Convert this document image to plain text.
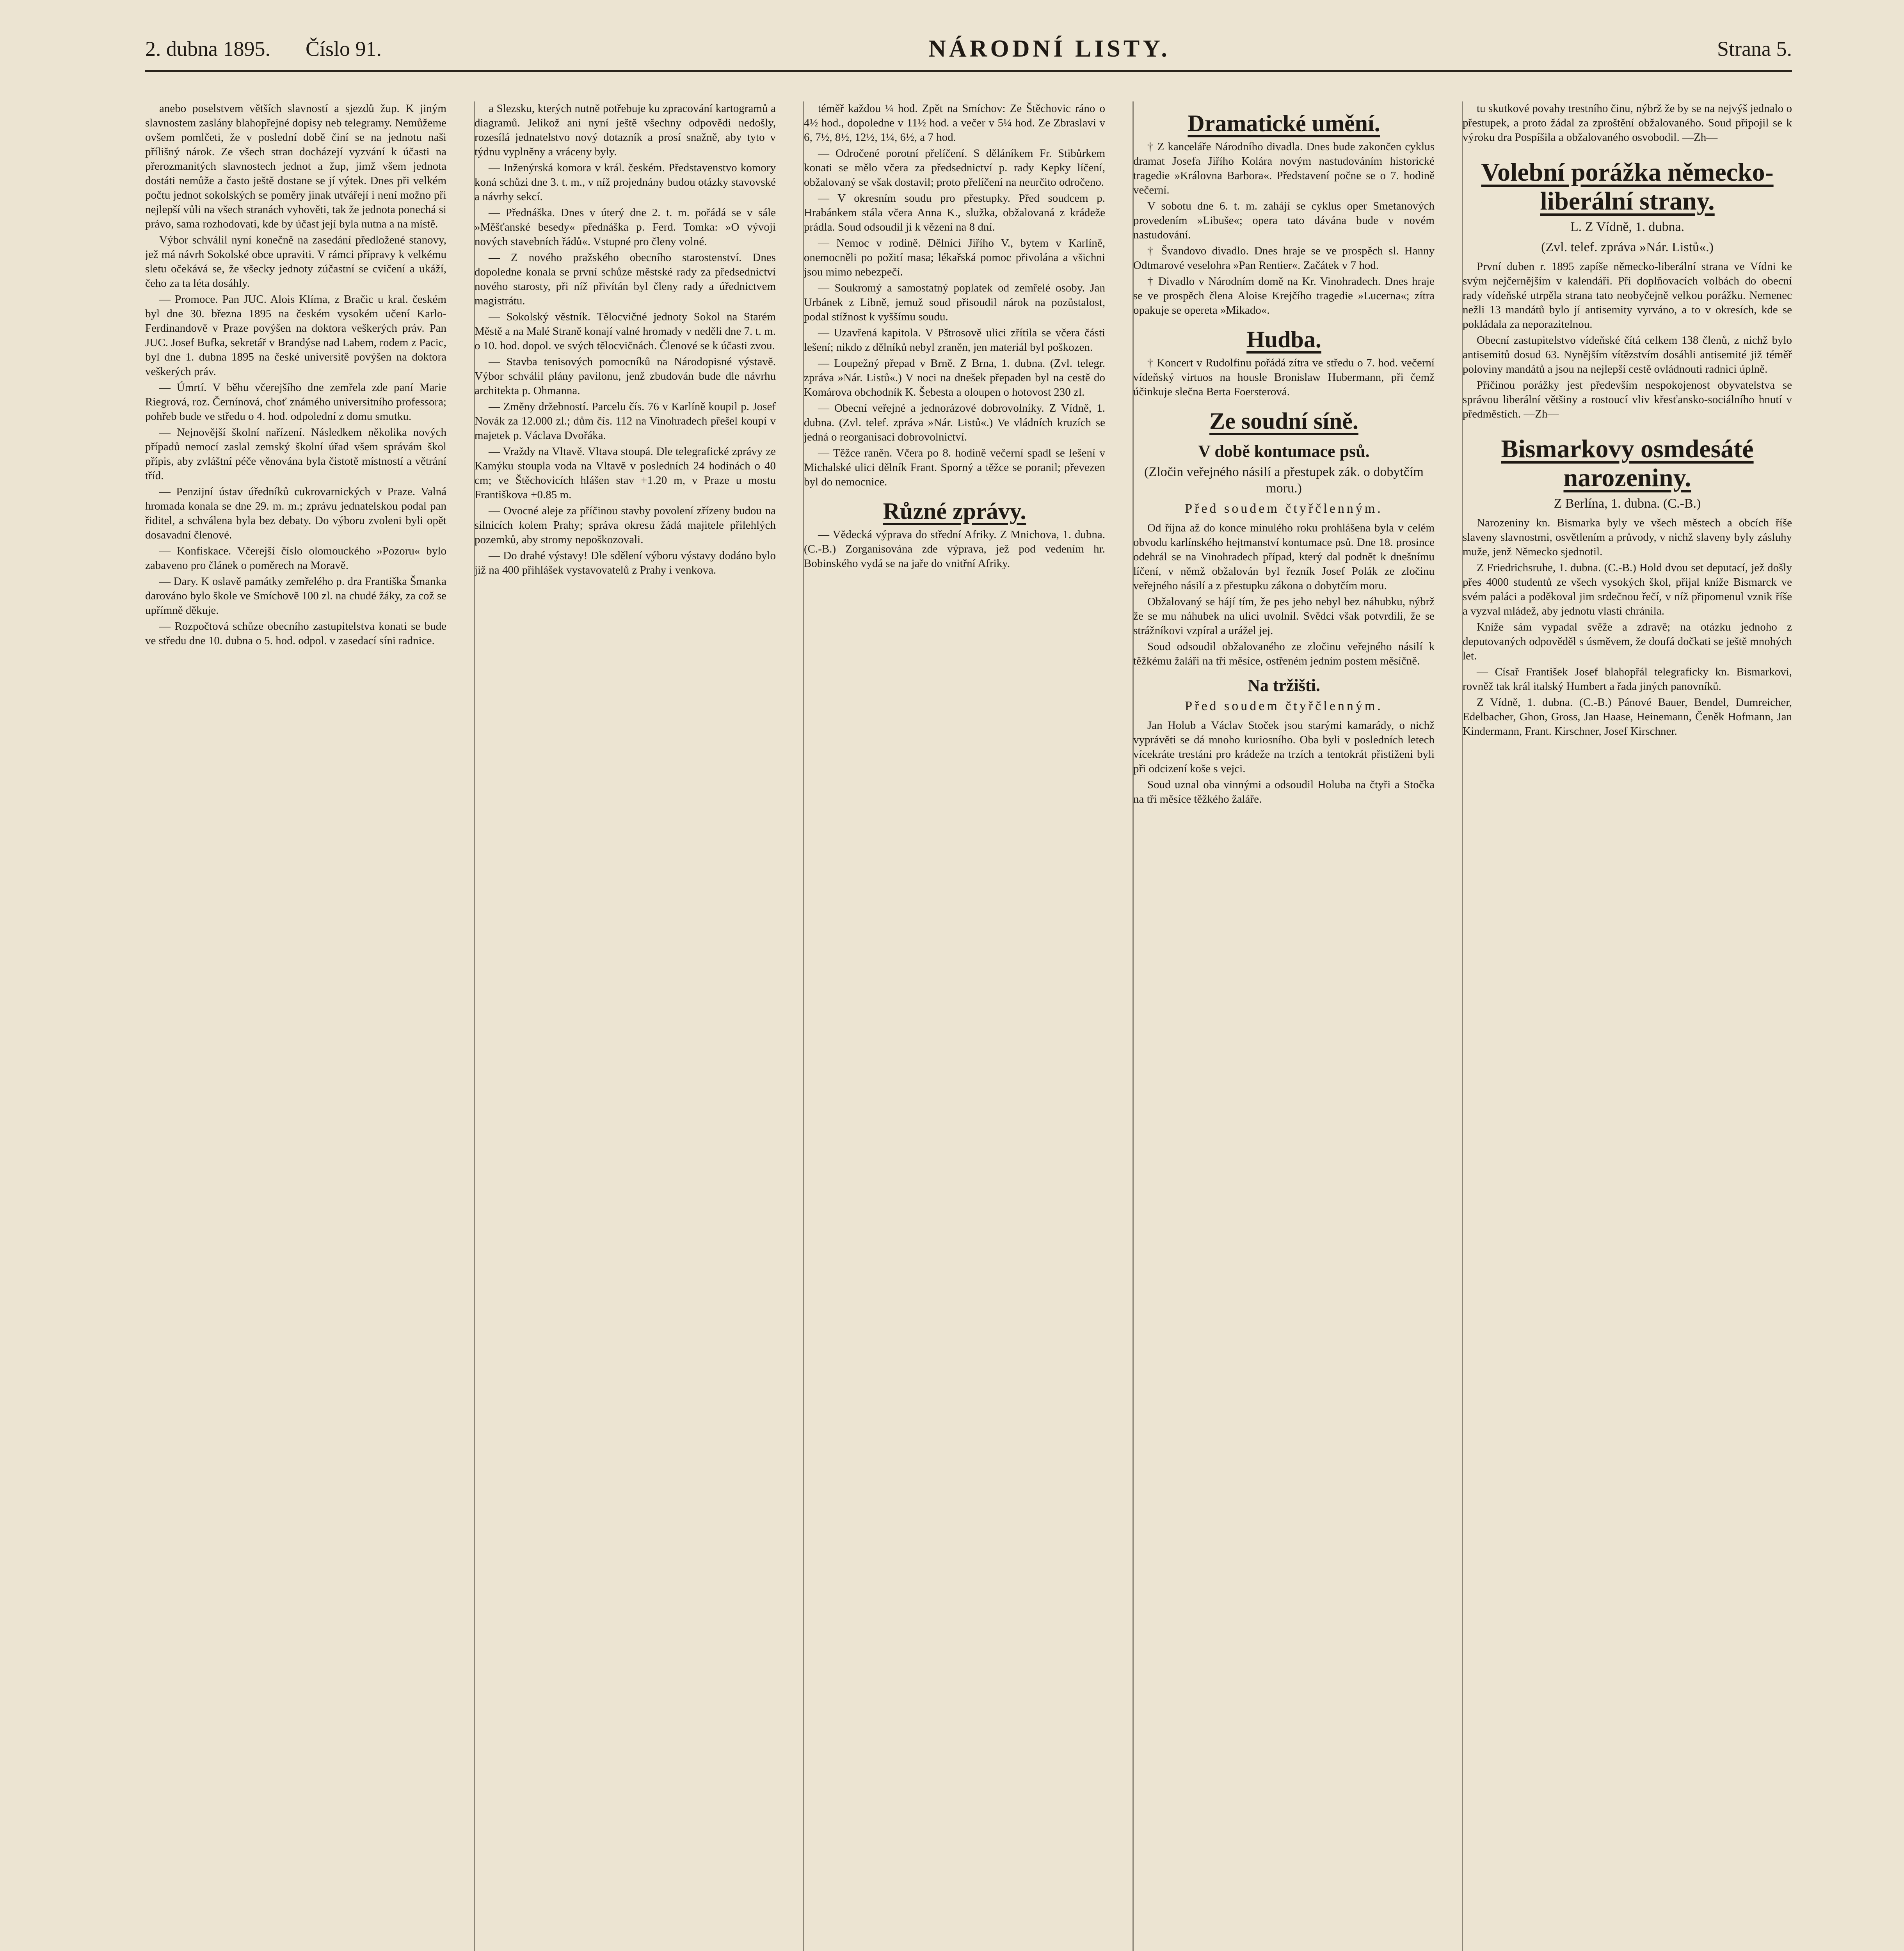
2. dubna 1895. Číslo 91.	NÁRODNÍ LISTY.	Strana 5.

anebo poselstvem větších slavností a sjezdů žup. K jiným slavnostem zaslány blahopřejné dopisy neb telegramy. Nemůžeme ovšem pomlčeti, že v poslední době činí se na jednotu naši přílišný nárok. Ze všech stran docházejí vyzvání k účasti na přerozmanitých slavnostech jednot a žup, jimž všem jednota dostáti nemůže a často ještě dostane se jí výtek. Dnes při velkém počtu jednot sokolských se poměry jinak utvářejí i není možno při nejlepší vůli na všech stranách vyhověti, tak že jednota ponechá si právo, sama rozhodovati, kde by účast její byla nutna a na místě.

Výbor schválil nyní konečně na zasedání předložené stanovy, jež má návrh Sokolské obce upraviti. V rámci přípravy k velkému sletu očekává se, že všecky jednoty zúčastní se cvičení a ukáží, čeho za ta léta dosáhly.

— Promoce. Pan JUC. Alois Klíma, z Bračic u kral. českém byl dne 30. března 1895 na českém vysokém učení Karlo-Ferdinandově v Praze povýšen na doktora veškerých práv. Pan JUC. Josef Bufka, sekretář v Brandýse nad Labem, rodem z Pacic, byl dne 1. dubna 1895 na české universitě povýšen na doktora veškerých práv.

— Úmrtí. V běhu včerejšího dne zemřela zde paní Marie Riegrová, roz. Černínová, choť známého universitního professora; pohřeb bude ve středu o 4. hod. odpolední z domu smutku.

— Nejnovější školní nařízení. Následkem několika nových případů nemocí zaslal zemský školní úřad všem správám škol přípis, aby zvláštní péče věnována byla čistotě místností a větrání tříd.

— Penzijní ústav úředníků cukrovarnických v Praze. Valná hromada konala se dne 29. m. m.; zprávu jednatelskou podal pan řiditel, a schválena byla bez debaty. Do výboru zvoleni byli opět dosavadní členové.

— Konfiskace. Včerejší číslo olomouckého »Pozoru« bylo zabaveno pro článek o poměrech na Moravě.

— Dary. K oslavě památky zemřelého p. dra Františka Šmanka darováno bylo škole ve Smíchově 100 zl. na chudé žáky, za což se upřímně děkuje.

— Rozpočtová schůze obecního zastupitelstva konati se bude ve středu dne 10. dubna o 5. hod. odpol. v zasedací síni radnice.

a Slezsku, kterých nutně potřebuje ku zpracování kartogramů a diagramů. Jelikož ani nyní ještě všechny odpovědi nedošly, rozesílá jednatelstvo nový dotazník a prosí snažně, aby tyto v týdnu vyplněny a vráceny byly.

— Inženýrská komora v král. českém. Představenstvo komory koná schůzi dne 3. t. m., v níž projednány budou otázky stavovské a návrhy sekcí.

— Přednáška. Dnes v úterý dne 2. t. m. pořádá se v sále »Měšťanské besedy« přednáška p. Ferd. Tomka: »O vývoji nových stavebních řádů«. Vstupné pro členy volné.

— Z nového pražského obecního starostenství. Dnes dopoledne konala se první schůze městské rady za předsednictví nového starosty, při níž přivítán byl členy rady a úřednictvem magistrátu.

— Sokolský věstník. Tělocvičné jednoty Sokol na Starém Městě a na Malé Straně konají valné hromady v neděli dne 7. t. m. o 10. hod. dopol. ve svých tělocvičnách. Členové se k účasti zvou.

— Stavba tenisových pomocníků na Národopisné výstavě. Výbor schválil plány pavilonu, jenž zbudován bude dle návrhu architekta p. Ohmanna.

— Změny držebností. Parcelu čís. 76 v Karlíně koupil p. Josef Novák za 12.000 zl.; dům čís. 112 na Vinohradech přešel koupí v majetek p. Václava Dvořáka.

— Vraždy na Vltavě. Vltava stoupá. Dle telegrafické zprávy ze Kamýku stoupla voda na Vltavě v posledních 24 hodinách o 40 cm; ve Štěchovicích hlášen stav +1.20 m, v Praze u mostu Františkova +0.85 m.

— Ovocné aleje za příčinou stavby povolení zřízeny budou na silnicích kolem Prahy; správa okresu žádá majitele přilehlých pozemků, aby stromy nepoškozovali.

— Do drahé výstavy! Dle sdělení výboru výstavy dodáno bylo již na 400 přihlášek vystavovatelů z Prahy i venkova.

téměř každou ¼ hod. Zpět na Smíchov: Ze Štěchovic ráno o 4½ hod., dopoledne v 11½ hod. a večer v 5¼ hod. Ze Zbraslavi v 6, 7½, 8½, 12½, 1¼, 6½, a 7 hod.

— Odročené porotní přelíčení. S děláníkem Fr. Stibůrkem konati se mělo včera za předsednictví p. rady Kepky líčení, obžalovaný se však dostavil; proto přelíčení na neurčito odročeno.

— V okresním soudu pro přestupky. Před soudcem p. Hrabánkem stála včera Anna K., služka, obžalovaná z krádeže prádla. Soud odsoudil ji k vězení na 8 dní.

— Nemoc v rodině. Dělníci Jiřího V., bytem v Karlíně, onemocněli po požití masa; lékařská pomoc přivolána a všichni jsou mimo nebezpečí.

— Soukromý a samostatný poplatek od zemřelé osoby. Jan Urbánek z Libně, jemuž soud přisoudil nárok na pozůstalost, podal stížnost k vyššímu soudu.

— Uzavřená kapitola. V Pštrosově ulici zřítila se včera části lešení; nikdo z dělníků nebyl zraněn, jen materiál byl poškozen.

— Loupežný přepad v Brně. Z Brna, 1. dubna. (Zvl. telegr. zpráva »Nár. Listů«.) V noci na dnešek přepaden byl na cestě do Komárova obchodník K. Šebesta a oloupen o hotovost 230 zl.

— Obecní veřejné a jednorázové dobrovolníky. Z Vídně, 1. dubna. (Zvl. telef. zpráva »Nár. Listů«.) Ve vládních kruzích se jedná o reorganisaci dobrovolnictví.

— Těžce raněn. Včera po 8. hodině večerní spadl se lešení v Michalské ulici dělník Frant. Sporný a těžce se poranil; převezen byl do nemocnice.

Různé zprávy.

— Vědecká výprava do střední Afriky. Z Mnichova, 1. dubna. (C.-B.) Zorganisována zde výprava, jež pod vedením hr. Bobinského vydá se na jaře do vnitřní Afriky.

Dramatické umění.

† Z kanceláře Národního divadla. Dnes bude zakončen cyklus dramat Josefa Jiřího Kolára novým nastudováním historické tragedie »Královna Barbora«. Představení počne se o 7. hodině večerní.

V sobotu dne 6. t. m. zahájí se cyklus oper Smetanových provedením »Libuše«; opera tato dávána bude v novém nastudování.

† Švandovo divadlo. Dnes hraje se ve prospěch sl. Hanny Odtmarové veselohra »Pan Rentier«. Začátek v 7 hod.

† Divadlo v Národním domě na Kr. Vinohradech. Dnes hraje se ve prospěch člena Aloise Krejčího tragedie »Lucerna«; zítra opakuje se opereta »Mikado«.

Hudba.

† Koncert v Rudolfinu pořádá zítra ve středu o 7. hod. večerní vídeňský virtuos na housle Bronislaw Hubermann, při čemž účinkuje slečna Berta Foersterová.

Ze soudní síně.
V době kontumace psů.
(Zločin veřejného násilí a přestupek zák. o dobytčím moru.)
Před soudem čtyřčlenným.

Od října až do konce minulého roku prohlášena byla v celém obvodu karlínského hejtmanství kontumace psů. Dne 18. prosince odehrál se na Vinohradech případ, který dal podnět k dnešnímu líčení, v němž obžalován byl řezník Josef Polák ze zločinu veřejného násilí a z přestupku zákona o dobytčím moru.

Obžalovaný se hájí tím, že pes jeho nebyl bez náhubku, nýbrž že se mu náhubek na ulici uvolnil. Svědci však potvrdili, že se strážníkovi vzpíral a urážel jej.

Soud odsoudil obžalovaného ze zločinu veřejného násilí k těžkému žaláři na tři měsíce, ostřeném jedním postem měsíčně.

Na tržišti.
Před soudem čtyřčlenným.

Jan Holub a Václav Stoček jsou starými kamarády, o nichž vyprávěti se dá mnoho kuriosního. Oba byli v posledních letech vícekráte trestáni pro krádeže na trzích a tentokrát přistiženi byli při odcizení koše s vejci.

Soud uznal oba vinnými a odsoudil Holuba na čtyři a Stočka na tři měsíce těžkého žaláře.

tu skutkové povahy trestního činu, nýbrž že by se na nejvýš jednalo o přestupek, a proto žádal za zproštění obžalovaného. Soud připojil se k výroku dra Pospíšila a obžalovaného osvobodil. —Zh—

Volební porážka německo-liberální strany.
L. Z Vídně, 1. dubna.
(Zvl. telef. zpráva »Nár. Listů«.)

První duben r. 1895 zapíše německo-liberální strana ve Vídni ke svým nejčernějším v kalendáři. Při doplňovacích volbách do obecní rady vídeňské utrpěla strana tato neobyčejně velkou porážku. Nemenec nežli 13 mandátů bylo jí antisemity vyrváno, a to v okresích, kde se pokládala za neporazitelnou.

Obecní zastupitelstvo vídeňské čítá celkem 138 členů, z nichž bylo antisemitů dosud 63. Nynějším vítězstvím dosáhli antisemité již téměř poloviny mandátů a jsou na nejlepší cestě ovládnouti radnici úplně.

Přičinou porážky jest především nespokojenost obyvatelstva se správou liberální většiny a rostoucí vliv křesťansko-sociálního hnutí v předměstích. —Zh—

Bismarkovy osmdesáté narozeniny.
Z Berlína, 1. dubna. (C.-B.)

Narozeniny kn. Bismarka byly ve všech městech a obcích říše slaveny slavnostmi, osvětlením a průvody, v nichž slaveny byly zásluhy muže, jenž Německo sjednotil.

Z Friedrichsruhe, 1. dubna. (C.-B.) Hold dvou set deputací, jež došly přes 4000 studentů ze všech vysokých škol, přijal kníže Bismarck ve svém paláci a poděkoval jim srdečnou řečí, v níž připomenul vznik říše a vyzval mládež, aby jednotu vlasti chránila.

Kníže sám vypadal svěže a zdravě; na otázku jednoho z deputovaných odpověděl s úsměvem, že doufá dočkati se ještě mnohých let.

— Císař František Josef blahopřál telegraficky kn. Bismarkovi, rovněž tak král italský Humbert a řada jiných panovníků.

Z Vídně, 1. dubna. (C.-B.) Pánové Bauer, Bendel, Dumreicher, Edelbacher, Ghon, Gross, Jan Haase, Heinemann, Čeněk Hofmann, Jan Kindermann, Frant. Kirschner, Josef Kirschner.
